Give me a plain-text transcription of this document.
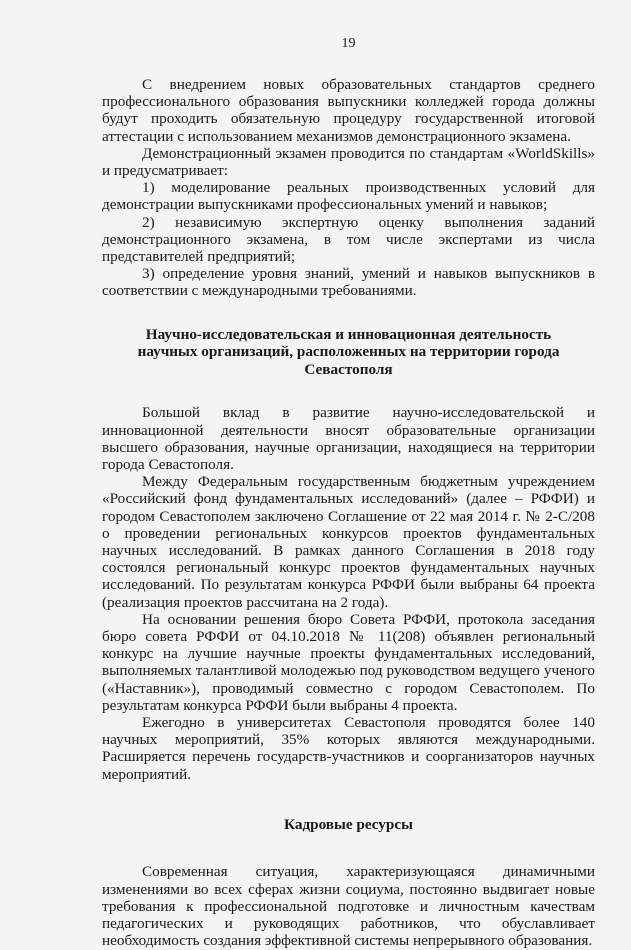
19

С внедрением новых образовательных стандартов среднего профессионального образования выпускники колледжей города должны будут проходить обязательную процедуру государственной итоговой аттестации с использованием механизмов демонстрационного экзамена.

Демонстрационный экзамен проводится по стандартам «WorldSkills» и предусматривает:

1) моделирование реальных производственных условий для демонстрации выпускниками профессиональных умений и навыков;

2) независимую экспертную оценку выполнения заданий демонстрационного экзамена, в том числе экспертами из числа представителей предприятий;

3) определение уровня знаний, умений и навыков выпускников в соответствии с международными требованиями.

Научно-исследовательская и инновационная деятельность

научных организаций, расположенных на территории города

Севастополя

Большой вклад в развитие научно-исследовательской и инновационной деятельности вносят образовательные организации высшего образования, научные организации, находящиеся на территории города Севастополя.

Между Федеральным государственным бюджетным учреждением «Российский фонд фундаментальных исследований» (далее – РФФИ) и городом Севастополем заключено Соглашение от 22 мая 2014 г. № 2-С/208 о проведении региональных конкурсов проектов фундаментальных научных исследований. В рамках данного Соглашения в 2018 году состоялся региональный конкурс проектов фундаментальных научных исследований. По результатам конкурса РФФИ были выбраны 64 проекта (реализация проектов рассчитана на 2 года).

На основании решения бюро Совета РФФИ, протокола заседания бюро совета РФФИ от 04.10.2018 № 11(208) объявлен региональный конкурс на лучшие научные проекты фундаментальных исследований, выполняемых талантливой молодежью под руководством ведущего ученого («Наставник»), проводимый совместно с городом Севастополем. По результатам конкурса РФФИ были выбраны 4 проекта.

Ежегодно в университетах Севастополя проводятся более 140 научных мероприятий, 35% которых являются международными. Расширяется перечень государств-участников и соорганизаторов научных мероприятий.

Кадровые ресурсы

Современная ситуация, характеризующаяся динамичными изменениями во всех сферах жизни социума, постоянно выдвигает новые требования к профессиональной подготовке и личностным качествам педагогических и руководящих работников, что обуславливает необходимость создания эффективной системы непрерывного образования.
